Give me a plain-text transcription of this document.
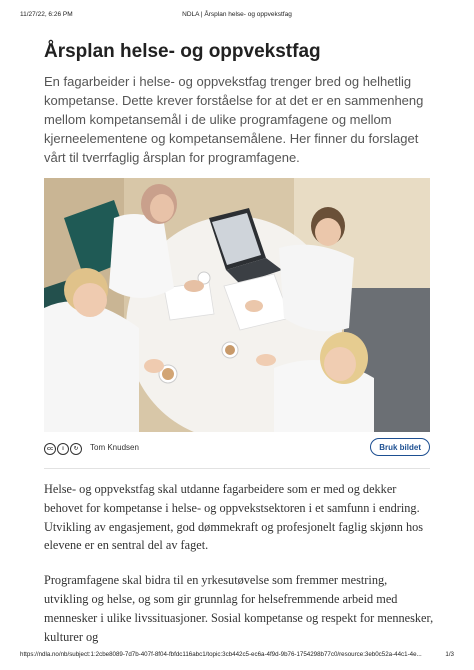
11/27/22, 6:26 PM	NDLA | Årsplan helse- og oppvekstfag
Årsplan helse- og oppvekstfag

En fagarbeider i helse- og oppvekstfag trenger bred og helhetlig kompetanse. Dette krever forståelse for at det er en sammenheng mellom kompetansemål i de ulike programfagene og mellom kjerneelementene og kompetansemålene. Her finner du forslaget vårt til tverrfaglig årsplan for programfagene.

cc	i	↻	Tom Knudsen	Bruk bildet

Helse- og oppvekstfag skal utdanne fagarbeidere som er med og dekker behovet for kompetanse i helse- og oppvekstsektoren i et samfunn i endring. Utvikling av engasjement, god dømmekraft og profesjonelt faglig skjønn hos elevene er en sentral del av faget.

Programfagene skal bidra til en yrkesutøvelse som fremmer mestring, utvikling og helse, og som gir grunnlag for helsefremmende arbeid med mennesker i ulike livssituasjoner. Sosial kompetanse og respekt for mennesker, kulturer og

https://ndla.no/nb/subject:1:2cbe8089-7d7b-407f-8f04-fbfdc116abc1/topic:3cb442c5-ec6a-4f9d-9b76-1754298b77c0/resource:3eb0c52a-44c1-4e...	1/3
